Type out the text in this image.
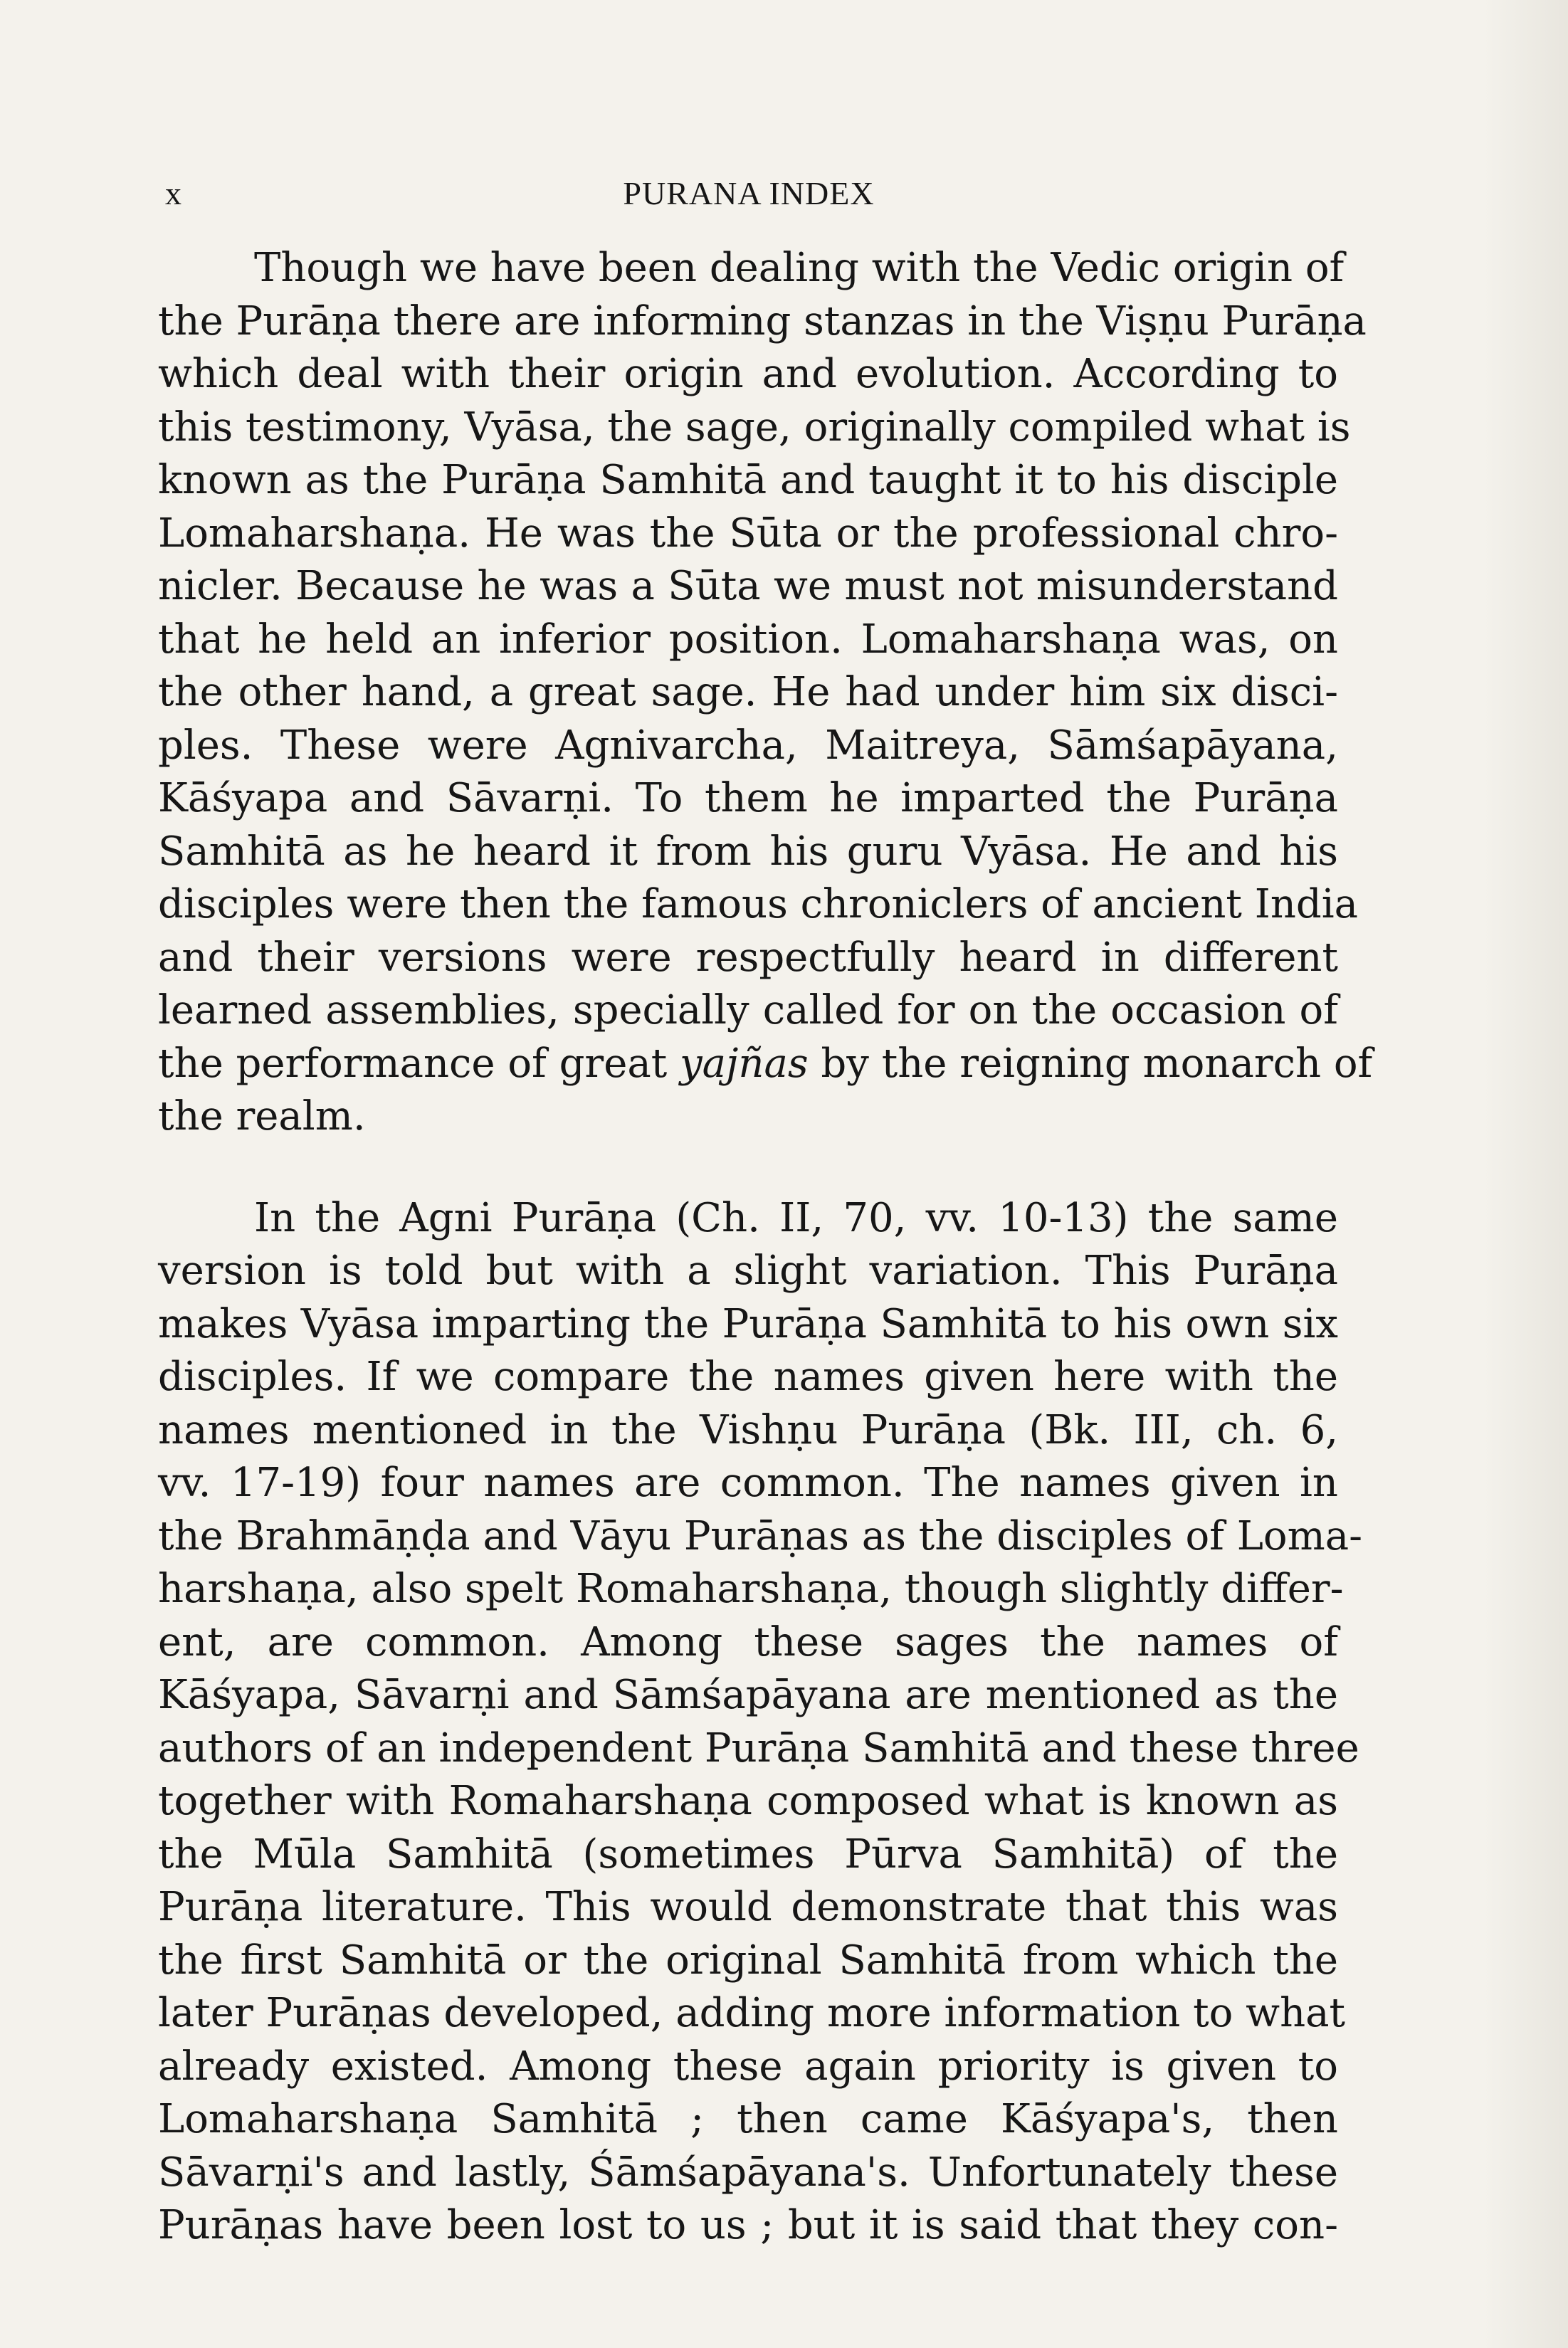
x	PURANA INDEX

Though we have been dealing with the Vedic origin of
the Purāṇa there are informing stanzas in the Viṣṇu Purāṇa
which deal with their origin and evolution. According to
this testimony, Vyāsa, the sage, originally compiled what is
known as the Purāṇa Samhitā and taught it to his disciple
Lomaharshaṇa. He was the Sūta or the professional chro-
nicler. Because he was a Sūta we must not misunderstand
that he held an inferior position. Lomaharshaṇa was, on
the other hand, a great sage. He had under him six disci-
ples. These were Agnivarcha, Maitreya, Sāmśapāyana,
Kāśyapa and Sāvarṇi. To them he imparted the Purāṇa
Samhitā as he heard it from his guru Vyāsa. He and his
disciples were then the famous chroniclers of ancient India
and their versions were respectfully heard in different
learned assemblies, specially called for on the occasion of
the performance of great yajñas by the reigning monarch of
the realm.

In the Agni Purāṇa (Ch. II, 70, vv. 10-13) the same
version is told but with a slight variation. This Purāṇa
makes Vyāsa imparting the Purāṇa Samhitā to his own six
disciples. If we compare the names given here with the
names mentioned in the Vishṇu Purāṇa (Bk. III, ch. 6,
vv. 17-19) four names are common. The names given in
the Brahmāṇḍa and Vāyu Purāṇas as the disciples of Loma-
harshaṇa, also spelt Romaharshaṇa, though slightly differ-
ent, are common. Among these sages the names of
Kāśyapa, Sāvarṇi and Sāmśapāyana are mentioned as the
authors of an independent Purāṇa Samhitā and these three
together with Romaharshaṇa composed what is known as
the Mūla Samhitā (sometimes Pūrva Samhitā) of the
Purāṇa literature. This would demonstrate that this was
the first Samhitā or the original Samhitā from which the
later Purāṇas developed, adding more information to what
already existed. Among these again priority is given to
Lomaharshaṇa Samhitā ; then came Kāśyapa's, then
Sāvarṇi's and lastly, Śāmśapāyana's. Unfortunately these
Purāṇas have been lost to us ; but it is said that they con-
